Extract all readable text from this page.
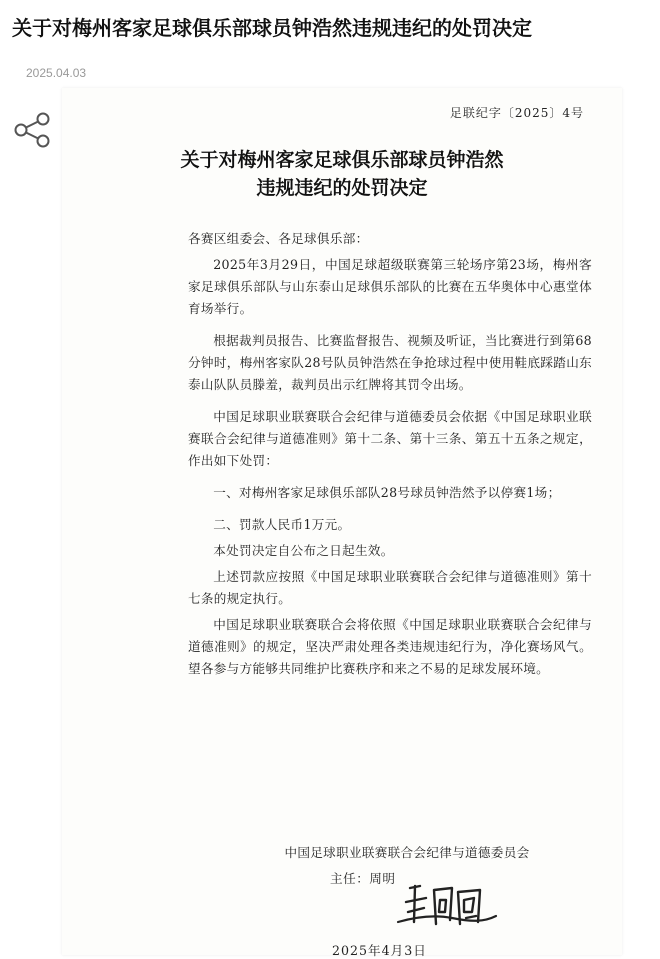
关于对梅州客家足球俱乐部球员钟浩然违规违纪的处罚决定
2025.04.03
足联纪字〔2025〕4号
关于对梅州客家足球俱乐部球员钟浩然
违规违纪的处罚决定

各赛区组委会、各足球俱乐部：

2025年3月29日，中国足球超级联赛第三轮场序第23场，梅州客家足球俱乐部队与山东泰山足球俱乐部队的比赛在五华奥体中心惠堂体育场举行。

根据裁判员报告、比赛监督报告、视频及听证，当比赛进行到第68分钟时，梅州客家队28号队员钟浩然在争抢球过程中使用鞋底踩踏山东泰山队队员滕羞，裁判员出示红牌将其罚令出场。

中国足球职业联赛联合会纪律与道德委员会依据《中国足球职业联赛联合会纪律与道德准则》第十二条、第十三条、第五十五条之规定，作出如下处罚：

一、对梅州客家足球俱乐部队28号球员钟浩然予以停赛1场；

二、罚款人民币1万元。

本处罚决定自公布之日起生效。

上述罚款应按照《中国足球职业联赛联合会纪律与道德准则》第十七条的规定执行。

中国足球职业联赛联合会将依照《中国足球职业联赛联合会纪律与道德准则》的规定，坚决严肃处理各类违规违纪行为，净化赛场风气。望各参与方能够共同维护比赛秩序和来之不易的足球发展环境。

中国足球职业联赛联合会纪律与道德委员会
主任：周明
2025年4月3日
